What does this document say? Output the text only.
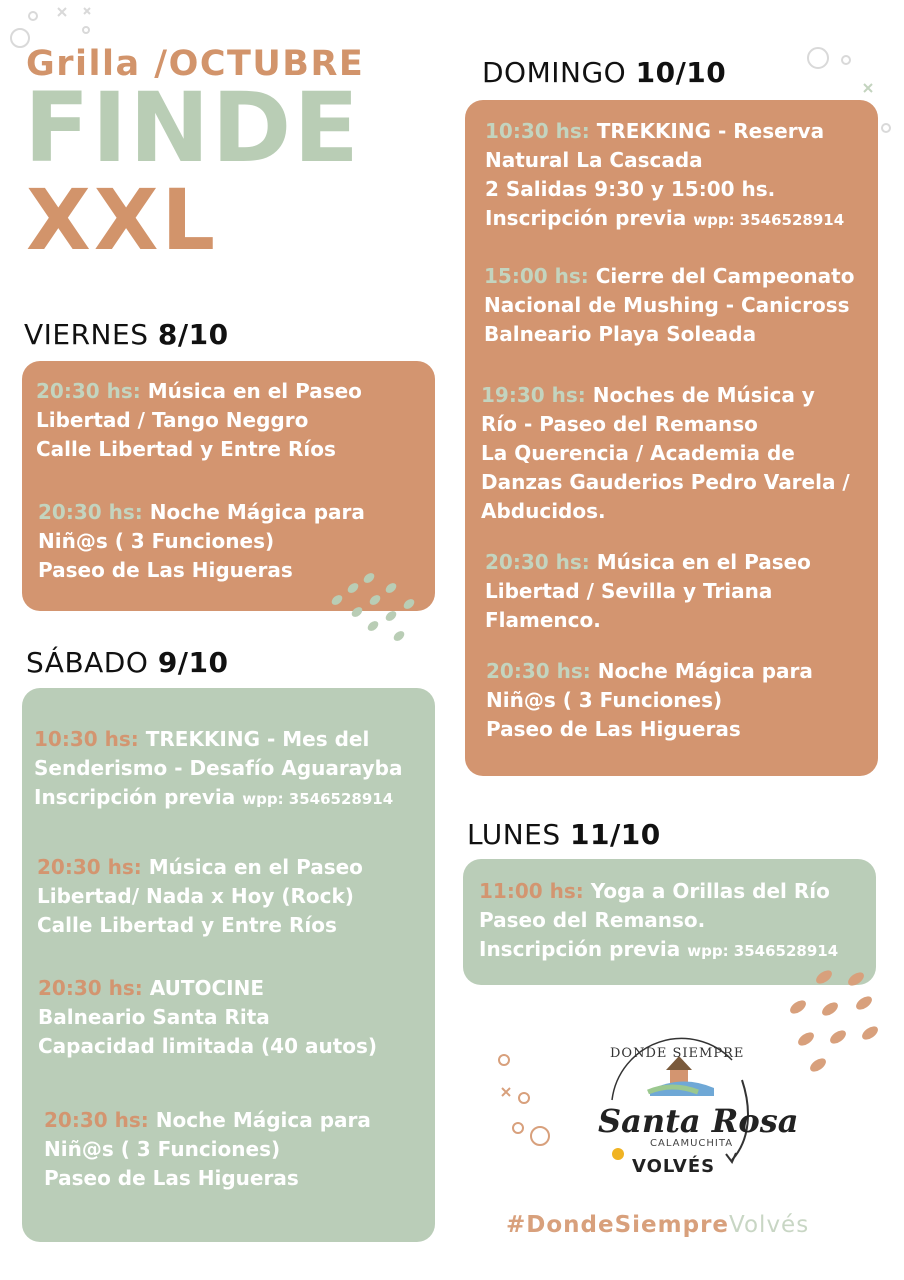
Grilla /OCTUBRE
FINDE
XXL
VIERNES 8/10
20:30 hs: Música en el Paseo
Libertad / Tango Neggro
Calle Libertad y Entre Ríos
20:30 hs: Noche Mágica para
Niñ@s ( 3 Funciones)
Paseo de Las Higueras
SÁBADO 9/10
10:30 hs: TREKKING - Mes del
Senderismo - Desafío Aguarayba
Inscripción previa wpp: 3546528914
20:30 hs: Música en el Paseo
Libertad/ Nada x Hoy (Rock)
Calle Libertad y Entre Ríos
20:30 hs: AUTOCINE
Balneario Santa Rita
Capacidad limitada (40 autos)
20:30 hs: Noche Mágica para
Niñ@s ( 3 Funciones)
Paseo de Las Higueras
DOMINGO 10/10
10:30 hs: TREKKING - Reserva
Natural La Cascada
2 Salidas 9:30 y 15:00 hs.
Inscripción previa wpp: 3546528914
15:00 hs: Cierre del Campeonato
Nacional de Mushing - Canicross
Balneario Playa Soleada
19:30 hs: Noches de Música y
Río - Paseo del Remanso
La Querencia / Academia de
Danzas Gauderios Pedro Varela /
Abducidos.
20:30 hs: Música en el Paseo
Libertad / Sevilla y Triana
Flamenco.
20:30 hs: Noche Mágica para
Niñ@s ( 3 Funciones)
Paseo de Las Higueras
LUNES 11/10
11:00 hs: Yoga a Orillas del Río
Paseo del Remanso.
Inscripción previa wpp: 3546528914
DONDE SIEMPRE
Santa Rosa
CALAMUCHITA
VOLVÉS
#DondeSiempreVolvés
